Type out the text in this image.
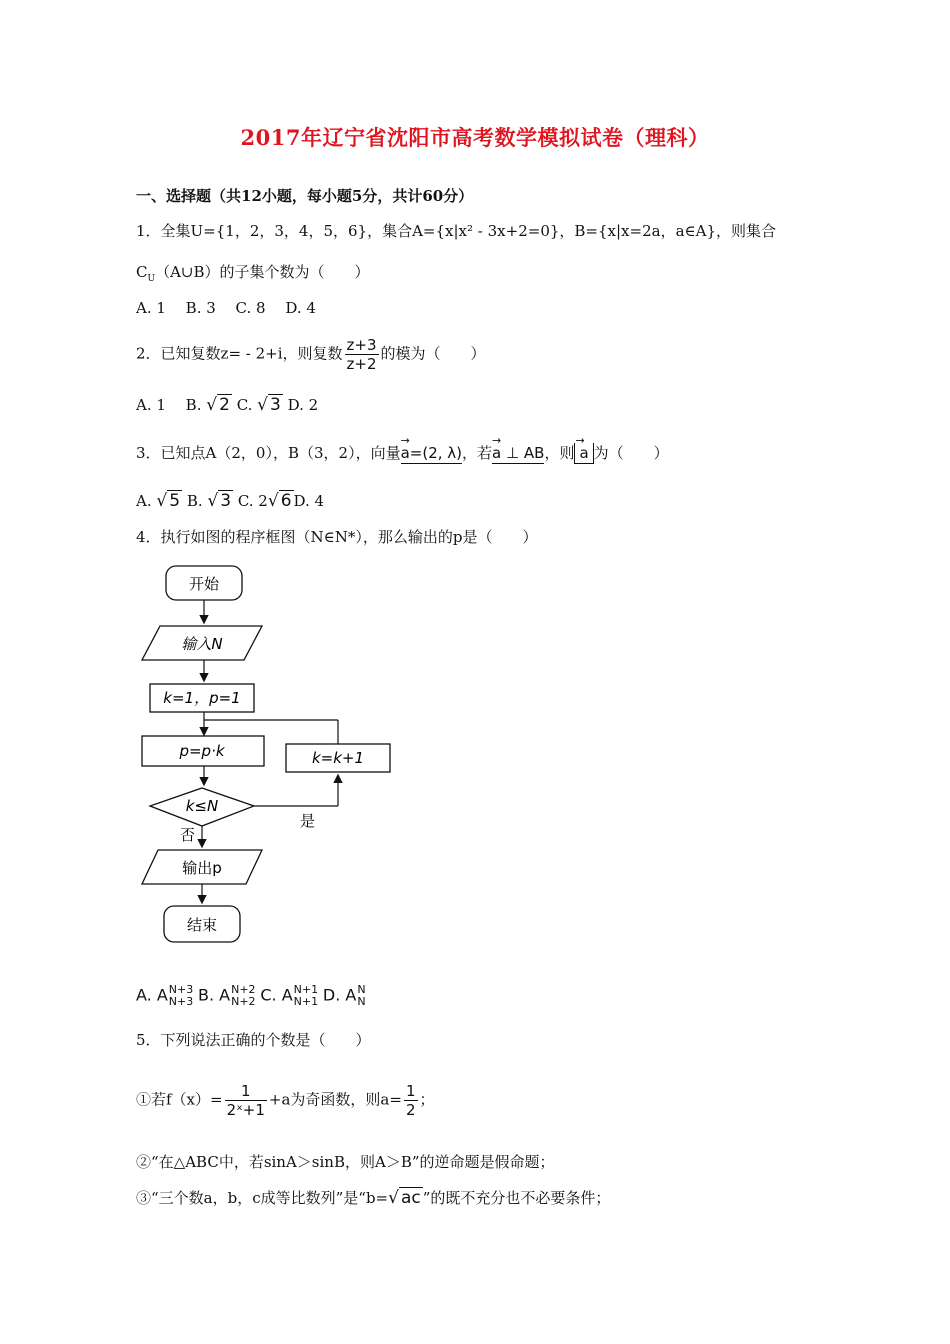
2017年辽宁省沈阳市高考数学模拟试卷（理科）
一、选择题（共12小题，每小题5分，共计60分）
1．全集U={1，2，3，4，5，6}，集合A={x|x² - 3x+2=0}，B={x|x=2a，a∈A}，则集合
$C_U(A\cup B)$的子集个数为（　　）
A. 1　 B. 3　 C. 8　 D. 4
2．已知复数z= - 2+i，则复数 $\frac{z+3}{z+2}$ 的模为（　　）
A. 1　 B. √ 2 C. √ 3 D. 2
3．已知点A（2，0），B（3，2），向量→ a=(2, λ)，若→ a ⊥ AB，则→ a 为（　　）
A. √ 5 B. √ 3 C. 2√ 6 D. 4
4．执行如图的程序框图（N∈N*），那么输出的p是（　　）
开始
输入N
k=1，p=1
p=p·k	k=k+1
k≤N
是
否
输出p
结束
A. A N+3
N+3 B. A N+2
N+2 C. A N+1
N+1 D. A N
N
5．下列说法正确的个数是（　　）
①若$f(x)= \frac{1}{\text{2ˣ+1}} +a$为奇函数，则$a= \frac{1}{2}$ ；
②“在△ABC中，若sinA＞sinB，则A＞B”的逆命题是假命题；
③“三个数a，b，c成等比数列”是“b=√ ac ”的既不充分也不必要条件；
